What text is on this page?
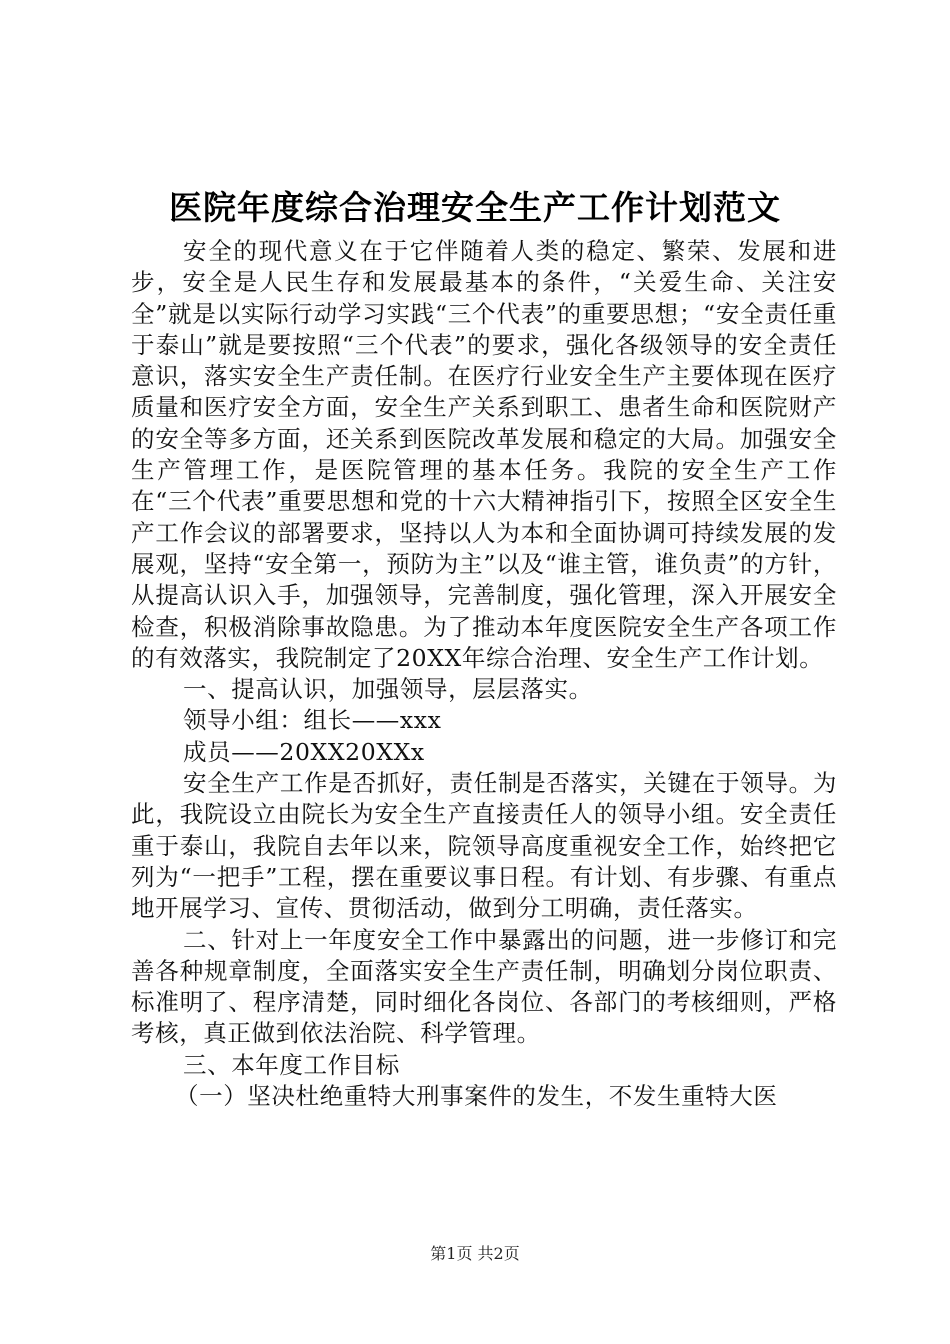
医院年度综合治理安全生产工作计划范文

安全的现代意义在于它伴随着人类的稳定、繁荣、发展和进步，安全是人民生存和发展最基本的条件，“关爱生命、关注安全”就是以实际行动学习实践“三个代表”的重要思想；“安全责任重于泰山”就是要按照“三个代表”的要求，强化各级领导的安全责任意识，落实安全生产责任制。在医疗行业安全生产主要体现在医疗质量和医疗安全方面，安全生产关系到职工、患者生命和医院财产的安全等多方面，还关系到医院改革发展和稳定的大局。加强安全生产管理工作，是医院管理的基本任务。我院的安全生产工作在“三个代表”重要思想和党的十六大精神指引下，按照全区安全生产工作会议的部署要求，坚持以人为本和全面协调可持续发展的发展观，坚持“安全第一，预防为主”以及“谁主管，谁负责”的方针，从提高认识入手，加强领导，完善制度，强化管理，深入开展安全检查，积极消除事故隐患。为了推动本年度医院安全生产各项工作的有效落实，我院制定了20XX年综合治理、安全生产工作计划。

一、提高认识，加强领导，层层落实。

领导小组：组长——xxx

成员——20XX20XXx

安全生产工作是否抓好，责任制是否落实，关键在于领导。为此，我院设立由院长为安全生产直接责任人的领导小组。安全责任重于泰山，我院自去年以来，院领导高度重视安全工作，始终把它列为“一把手”工程，摆在重要议事日程。有计划、有步骤、有重点地开展学习、宣传、贯彻活动，做到分工明确，责任落实。

二、针对上一年度安全工作中暴露出的问题，进一步修订和完善各种规章制度，全面落实安全生产责任制，明确划分岗位职责、标准明了、程序清楚，同时细化各岗位、各部门的考核细则，严格考核，真正做到依法治院、科学管理。

三、本年度工作目标

（一）坚决杜绝重特大刑事案件的发生，不发生重特大医

第1页 共2页
